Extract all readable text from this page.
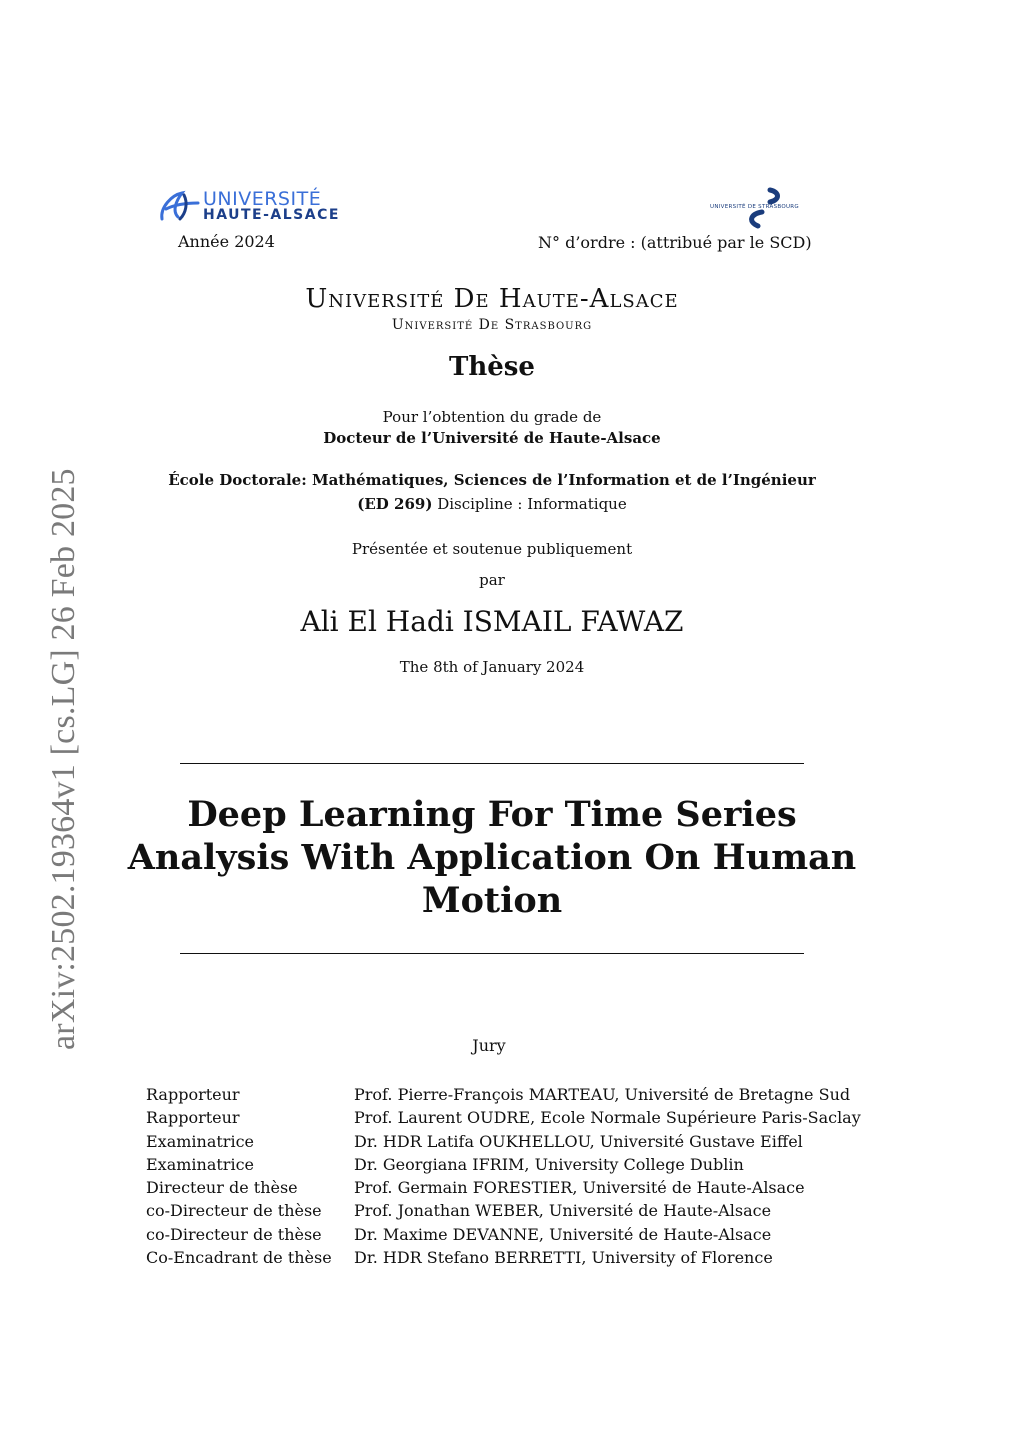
arXiv:2502.19364v1 [cs.LG] 26 Feb 2025
UNIVERSITÉ
HAUTE-ALSACE	UNIVERSITÉ DE STRASBOURG
Année 2024	N° d’ordre : (attribué par le SCD)
Université De Haute-Alsace
Université De Strasbourg
Thèse
Pour l’obtention du grade de
Docteur de l’Université de Haute-Alsace
École Doctorale: Mathématiques, Sciences de l’Information et de l’Ingénieur
(ED 269) Discipline : Informatique
Présentée et soutenue publiquement
par
Ali El Hadi ISMAIL FAWAZ
The 8th of January 2024
Deep Learning For Time Series
Analysis With Application On Human
Motion
Jury
Rapporteur	Prof. Pierre-François MARTEAU, Université de Bretagne Sud
Rapporteur	Prof. Laurent OUDRE, Ecole Normale Supérieure Paris-Saclay
Examinatrice	Dr. HDR Latifa OUKHELLOU, Université Gustave Eiffel
Examinatrice	Dr. Georgiana IFRIM, University College Dublin
Directeur de thèse	Prof. Germain FORESTIER, Université de Haute-Alsace
co-Directeur de thèse	Prof. Jonathan WEBER, Université de Haute-Alsace
co-Directeur de thèse	Dr. Maxime DEVANNE, Université de Haute-Alsace
Co-Encadrant de thèse	Dr. HDR Stefano BERRETTI, University of Florence
